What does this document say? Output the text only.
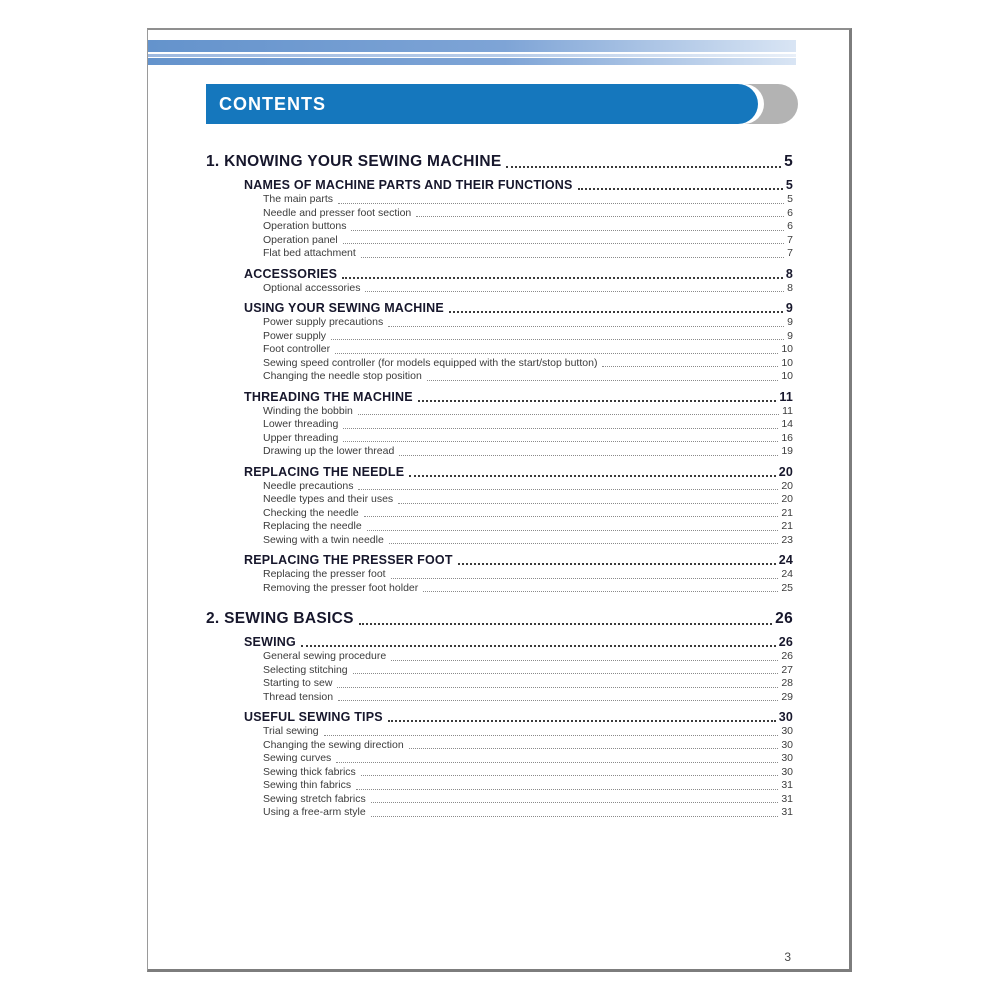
CONTENTS
1. KNOWING YOUR SEWING MACHINE	5
NAMES OF MACHINE PARTS AND THEIR FUNCTIONS	5
The main parts	5
Needle and presser foot section	6
Operation buttons	6
Operation panel	7
Flat bed attachment	7
ACCESSORIES	8
Optional accessories	8
USING YOUR SEWING MACHINE	9
Power supply precautions	9
Power supply	9
Foot controller	10
Sewing speed controller (for models equipped with the start/stop button)	10
Changing the needle stop position	10
THREADING THE MACHINE	11
Winding the bobbin	11
Lower threading	14
Upper threading	16
Drawing up the lower thread	19
REPLACING THE NEEDLE	20
Needle precautions	20
Needle types and their uses	20
Checking the needle	21
Replacing the needle	21
Sewing with a twin needle	23
REPLACING THE PRESSER FOOT	24
Replacing the presser foot	24
Removing the presser foot holder	25
2. SEWING BASICS	26
SEWING	26
General sewing procedure	26
Selecting stitching	27
Starting to sew	28
Thread tension	29
USEFUL SEWING TIPS	30
Trial sewing	30
Changing the sewing direction	30
Sewing curves	30
Sewing thick fabrics	30
Sewing thin fabrics	31
Sewing stretch fabrics	31
Using a free-arm style	31
3
